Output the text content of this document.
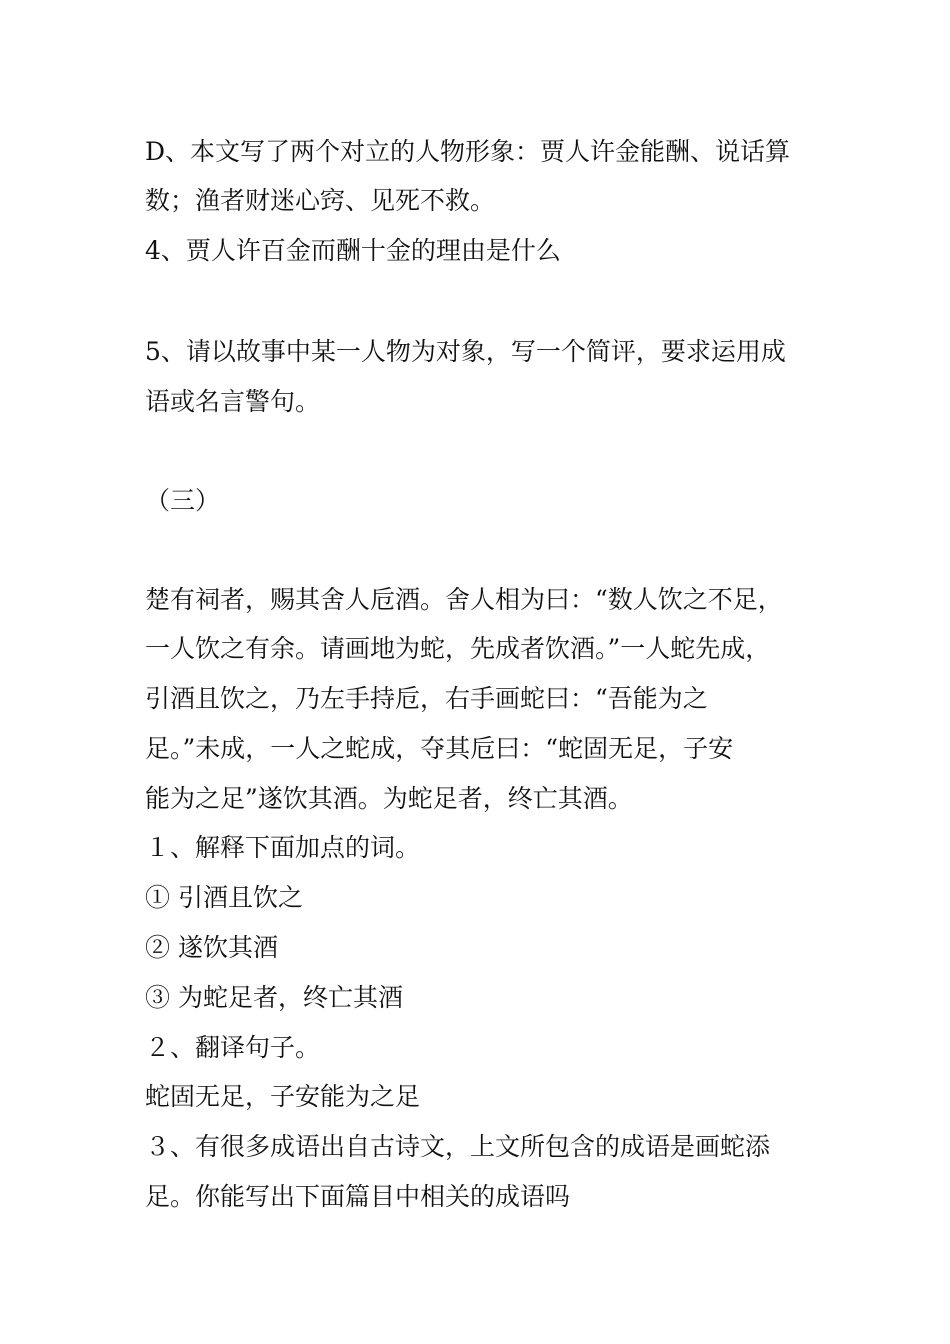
D、本文写了两个对立的人物形象：贾人许金能酬、说话算
数；渔者财迷心窍、见死不救。
4、贾人许百金而酬十金的理由是什么
5、请以故事中某一人物为对象，写一个简评，要求运用成
语或名言警句。
（三）
楚有祠者，赐其舍人卮酒。舍人相为曰：“数人饮之不足，
一人饮之有余。请画地为蛇，先成者饮酒。”一人蛇先成，
引酒且饮之，乃左手持卮，右手画蛇曰：“吾能为之
足。”未成，一人之蛇成，夺其卮曰：“蛇固无足，子安
能为之足”遂饮其酒。为蛇足者，终亡其酒。
１、解释下面加点的词。
① 引酒且饮之
② 遂饮其酒
③ 为蛇足者，终亡其酒
２、翻译句子。
蛇固无足，子安能为之足
３、有很多成语出自古诗文，上文所包含的成语是画蛇添
足。你能写出下面篇目中相关的成语吗
